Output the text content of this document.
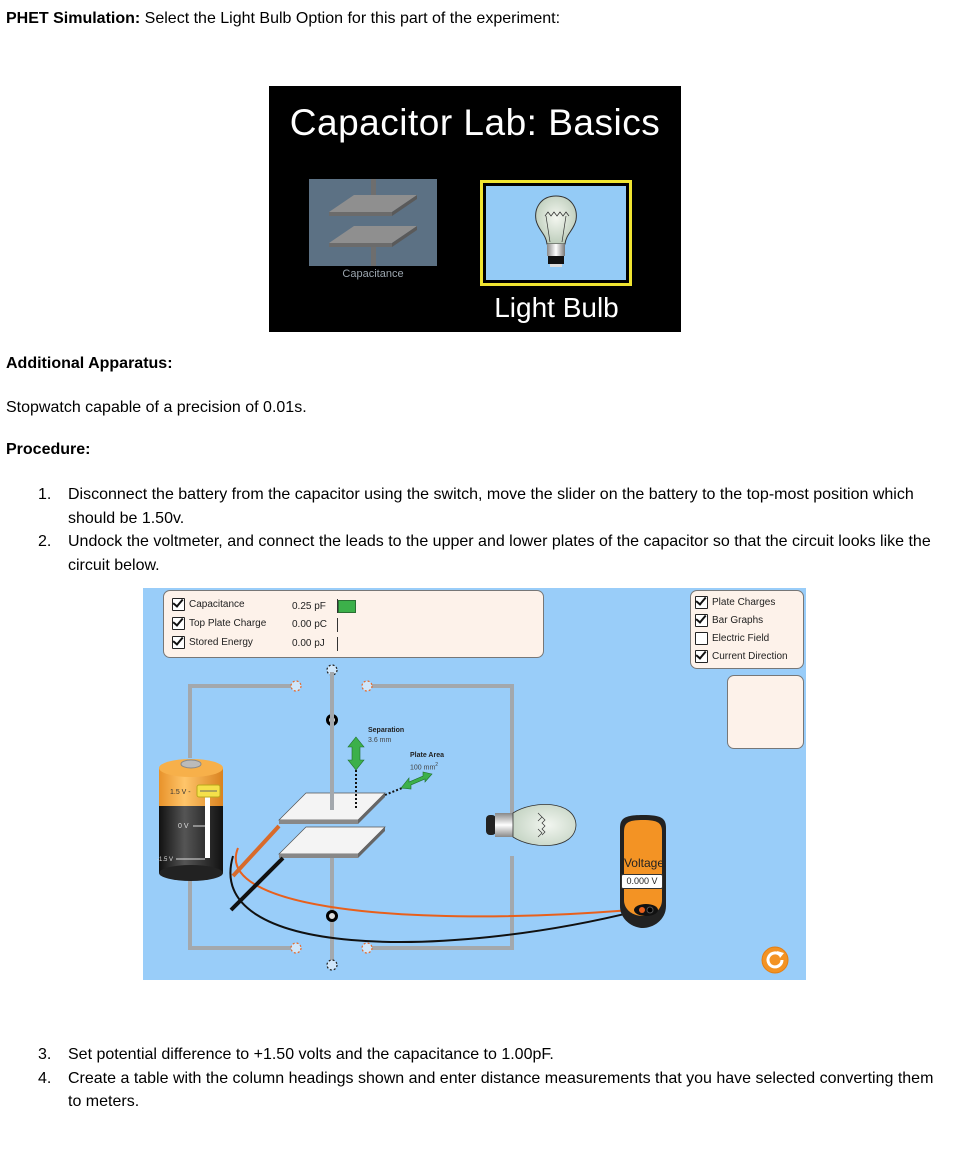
PHET Simulation: Select the Light Bulb Option for this part of the experiment:
Capacitor Lab: Basics
Capacitance
Light Bulb
Additional Apparatus:
Stopwatch capable of a precision of 0.01s.
Procedure:
1. Disconnect the battery from the capacitor using the switch, move the slider on the battery to the top-most position which should be 1.50v.
2. Undock the voltmeter, and connect the leads to the upper and lower plates of the capacitor so that the circuit looks like the circuit below.
1.5 V -
0 V
-1.5 V
Capacitance
Top Plate Charge
Stored Energy
0.25 pF
0.00 pC
0.00 pJ
Plate Charges
Bar Graphs
Electric Field
Current Direction
Separation
3.6 mm
Plate Area
100 $mm^2$
Voltage
0.000 V
3. Set potential difference to +1.50 volts and the capacitance to 1.00pF.
4. Create a table with the column headings shown and enter distance measurements that you have selected converting them to meters.
